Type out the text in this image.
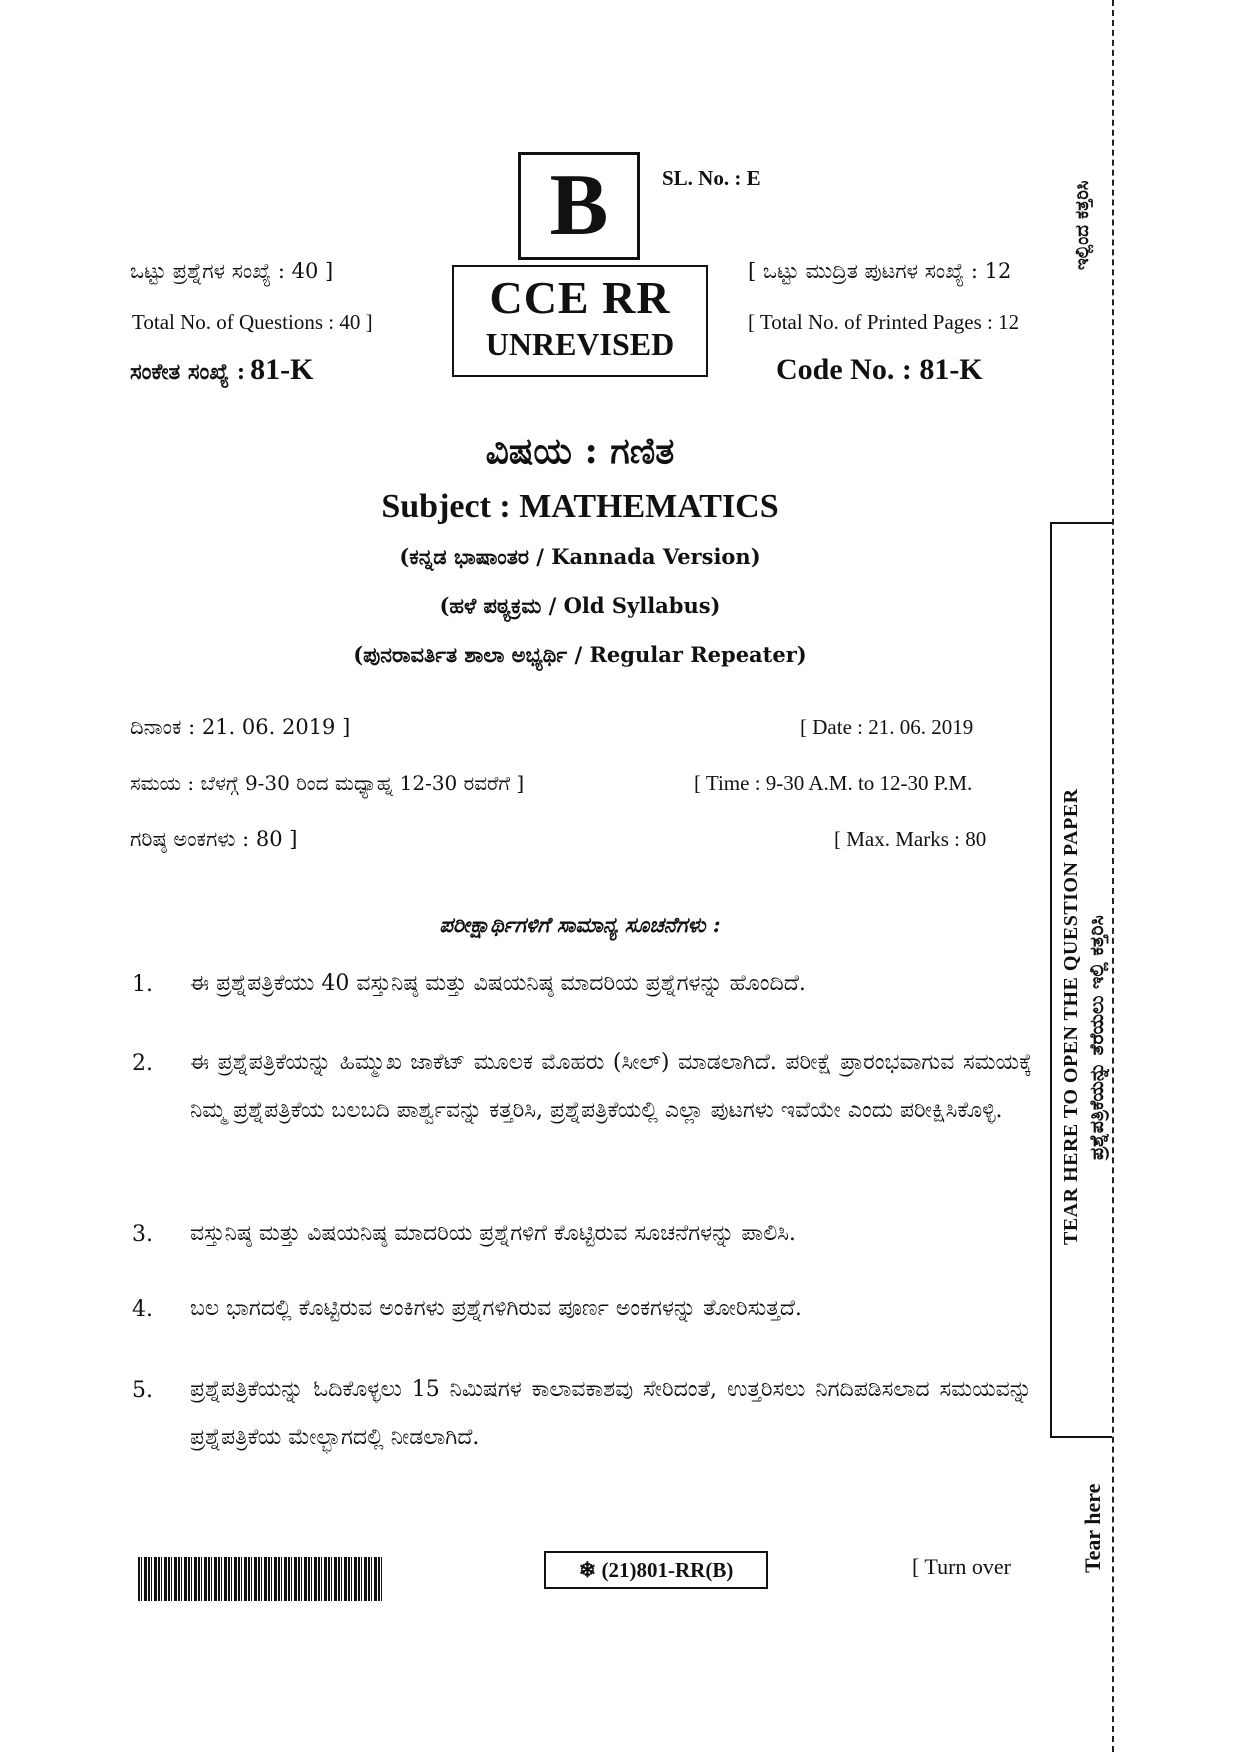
ಇಲ್ಲಿಂದ ಕತ್ತರಿಸಿ
TEAR HERE TO OPEN THE QUESTION PAPER ಪ್ರಶ್ನೆಪತ್ರಿಕೆಯನ್ನು ತೆರೆಯಲು ಇಲ್ಲಿ ಕತ್ತರಿಸಿ
Tear here
B	SL. No. : E
CCE RR
UNREVISED
ಒಟ್ಟು ಪ್ರಶ್ನೆಗಳ ಸಂಖ್ಯೆ : 40 ]
Total No. of Questions : 40 ]
[ ಒಟ್ಟು ಮುದ್ರಿತ ಪುಟಗಳ ಸಂಖ್ಯೆ : 12
[ Total No. of Printed Pages : 12
ಸಂಕೇತ ಸಂಖ್ಯೆ : 81-K	Code No. : 81-K
ವಿಷಯ : ಗಣಿತ
Subject : MATHEMATICS
(ಕನ್ನಡ ಭಾಷಾಂತರ / Kannada Version)
(ಹಳೆ ಪಠ್ಯಕ್ರಮ / Old Syllabus)
(ಪುನರಾವರ್ತಿತ ಶಾಲಾ ಅಭ್ಯರ್ಥಿ / Regular Repeater)
ದಿನಾಂಕ : 21. 06. 2019 ]	[ Date : 21. 06. 2019
ಸಮಯ : ಬೆಳಗ್ಗೆ 9-30 ರಿಂದ ಮಧ್ಯಾಹ್ನ 12-30 ರವರೆಗೆ ]	[ Time : 9-30 A.M. to 12-30 P.M.
ಗರಿಷ್ಠ ಅಂಕಗಳು : 80 ]	[ Max. Marks : 80
ಪರೀಕ್ಷಾರ್ಥಿಗಳಿಗೆ ಸಾಮಾನ್ಯ ಸೂಚನೆಗಳು :
1. ಈ ಪ್ರಶ್ನೆಪತ್ರಿಕೆಯು 40 ವಸ್ತುನಿಷ್ಠ ಮತ್ತು ವಿಷಯನಿಷ್ಠ ಮಾದರಿಯ ಪ್ರಶ್ನೆಗಳನ್ನು ಹೊಂದಿದೆ.
2. ಈ ಪ್ರಶ್ನೆಪತ್ರಿಕೆಯನ್ನು ಹಿಮ್ಮುಖ ಜಾಕೆಟ್ ಮೂಲಕ ಮೊಹರು (ಸೀಲ್) ಮಾಡಲಾಗಿದೆ. ಪರೀಕ್ಷೆ ಪ್ರಾರಂಭವಾಗುವ ಸಮಯಕ್ಕೆ ನಿಮ್ಮ ಪ್ರಶ್ನೆಪತ್ರಿಕೆಯ ಬಲಬದಿ ಪಾರ್ಶ್ವವನ್ನು ಕತ್ತರಿಸಿ, ಪ್ರಶ್ನೆಪತ್ರಿಕೆಯಲ್ಲಿ ಎಲ್ಲಾ ಪುಟಗಳು ಇವೆಯೇ ಎಂದು ಪರೀಕ್ಷಿಸಿಕೊಳ್ಳಿ.
3. ವಸ್ತುನಿಷ್ಠ ಮತ್ತು ವಿಷಯನಿಷ್ಠ ಮಾದರಿಯ ಪ್ರಶ್ನೆಗಳಿಗೆ ಕೊಟ್ಟಿರುವ ಸೂಚನೆಗಳನ್ನು ಪಾಲಿಸಿ.
4. ಬಲ ಭಾಗದಲ್ಲಿ ಕೊಟ್ಟಿರುವ ಅಂಕಿಗಳು ಪ್ರಶ್ನೆಗಳಿಗಿರುವ ಪೂರ್ಣ ಅಂಕಗಳನ್ನು ತೋರಿಸುತ್ತದೆ.
5. ಪ್ರಶ್ನೆಪತ್ರಿಕೆಯನ್ನು ಓದಿಕೊಳ್ಳಲು 15 ನಿಮಿಷಗಳ ಕಾಲಾವಕಾಶವು ಸೇರಿದಂತೆ, ಉತ್ತರಿಸಲು ನಿಗದಿಪಡಿಸಲಾದ ಸಮಯವನ್ನು ಪ್ರಶ್ನೆಪತ್ರಿಕೆಯ ಮೇಲ್ಭಾಗದಲ್ಲಿ ನೀಡಲಾಗಿದೆ.
❄ (21)801-RR(B)	[ Turn over
